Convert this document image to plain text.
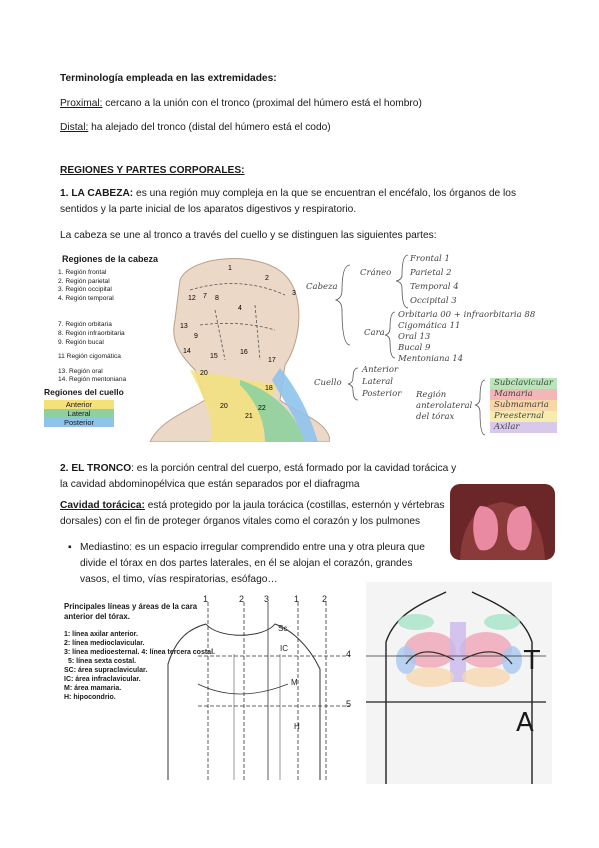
Terminología empleada en las extremidades:
Proximal: cercano a la unión con el tronco (proximal del húmero está el hombro)
Distal: ha alejado del tronco (distal del húmero está el codo)
REGIONES Y PARTES CORPORALES:
1. LA CABEZA: es una región muy compleja en la que se encuentran el encéfalo, los órganos de los sentidos y la parte inicial de los aparatos digestivos y respiratorio.
La cabeza se une al tronco a través del cuello y se distinguen las siguientes partes:
1
2
12 7 8
4
3
13
9
14
15
16
20
17
18
20
21
22
Regiones de la cabeza
1. Región frontal
2. Región parietal
3. Región occipital
4. Región temporal
7. Región orbitaria
8. Región infraorbitaria
9. Región bucal
11 Región cigomática
13. Región oral
14. Región mentoniana
Regiones del cuello
Anterior
Lateral
Posterior
Cabeza
Cráneo
Frontal 1
Parietal 2
Temporal 4
Occipital 3
Cara
Orbitaria 00 + infraorbitaria 88
Cigomática 11
Oral 13
Bucal 9
Mentoniana 14
Cuello
Anterior
Lateral
Posterior Región anterolateral del tórax
Subclavicular
Mamaria
Submamaria
Preesternal
Axilar
2. EL TRONCO: es la porción central del cuerpo, está formado por la cavidad torácica y la cavidad abdominopélvica que están separados por el diafragma
Cavidad torácica: está protegido por la jaula torácica (costillas, esternón y vértebras dorsales) con el fin de proteger órganos vitales como el corazón y los pulmones
▪ Mediastino: es un espacio irregular comprendido entre una y otra pleura que divide el tórax en dos partes laterales, en él se alojan el corazón, grandes vasos, el timo, vías respiratorias, esófago…
Principales líneas y áreas de la cara anterior del tórax.
1: línea axilar anterior.
2: línea medioclavicular.
3: línea medioesternal. 4: línea tercera costal.
5: línea sexta costal.
SC: área supraclavicular.
IC: área infraclavicular.
M: área mamaria.
H: hipocondrio.
1	2 3	1	2
4
5
Sc
IC
M
H
T
A
